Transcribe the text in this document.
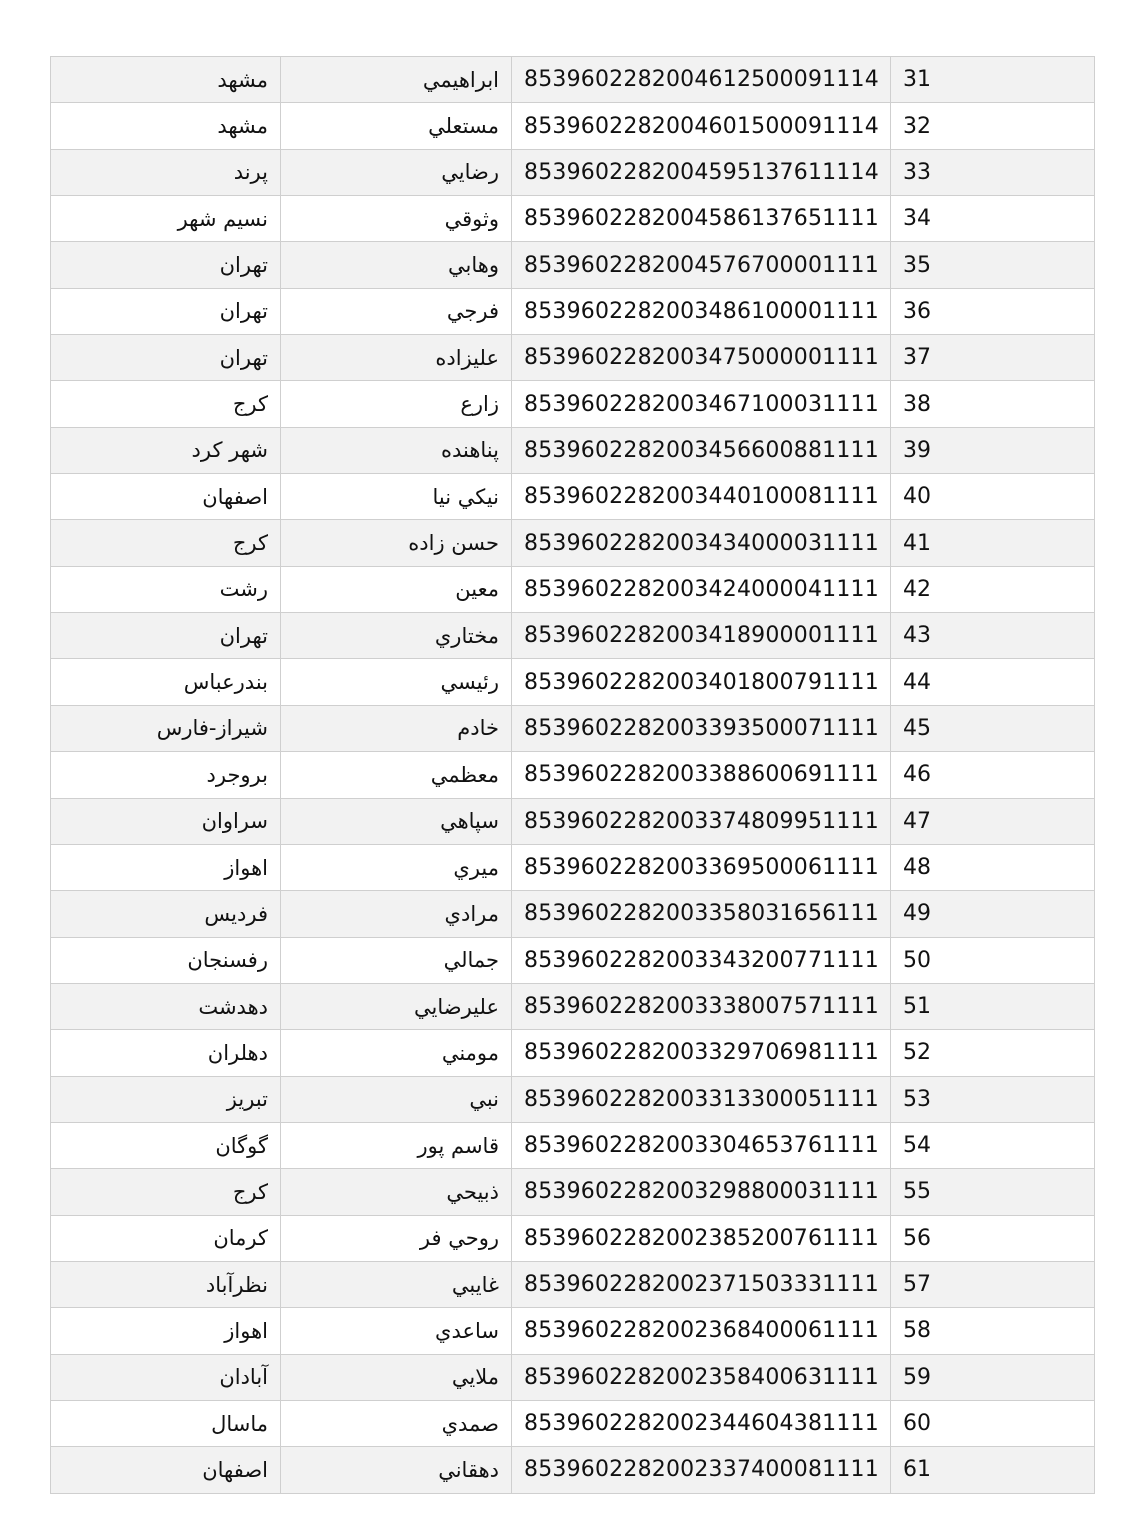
مشهد	ابراهيمي	8539602282004612500091114	31
مشهد	مستعلي	8539602282004601500091114	32
پرند	رضايي	8539602282004595137611114	33
نسيم شهر	وثوقي	8539602282004586137651111	34
تهران	وهابي	8539602282004576700001111	35
تهران	فرجي	8539602282003486100001111	36
تهران	عليزاده	8539602282003475000001111	37
كرج	زارع	8539602282003467100031111	38
شهر كرد	پناهنده	8539602282003456600881111	39
اصفهان	نيكي نيا	8539602282003440100081111	40
كرج	حسن زاده	8539602282003434000031111	41
رشت	معين	8539602282003424000041111	42
تهران	مختاري	8539602282003418900001111	43
بندرعباس	رئيسي	8539602282003401800791111	44
شيراز-فارس	خادم	8539602282003393500071111	45
بروجرد	معظمي	8539602282003388600691111	46
سراوان	سپاهي	8539602282003374809951111	47
اهواز	ميري	8539602282003369500061111	48
فرديس	مرادي	8539602282003358031656111	49
رفسنجان	جمالي	8539602282003343200771111	50
دهدشت	عليرضايي	8539602282003338007571111	51
دهلران	مومني	8539602282003329706981111	52
تبريز	نبي	8539602282003313300051111	53
گوگان	قاسم پور	8539602282003304653761111	54
كرج	ذبيحي	8539602282003298800031111	55
كرمان	روحي فر	8539602282002385200761111	56
نظرآباد	غايبي	8539602282002371503331111	57
اهواز	ساعدي	8539602282002368400061111	58
آبادان	ملايي	8539602282002358400631111	59
ماسال	صمدي	8539602282002344604381111	60
اصفهان	دهقاني	8539602282002337400081111	61
